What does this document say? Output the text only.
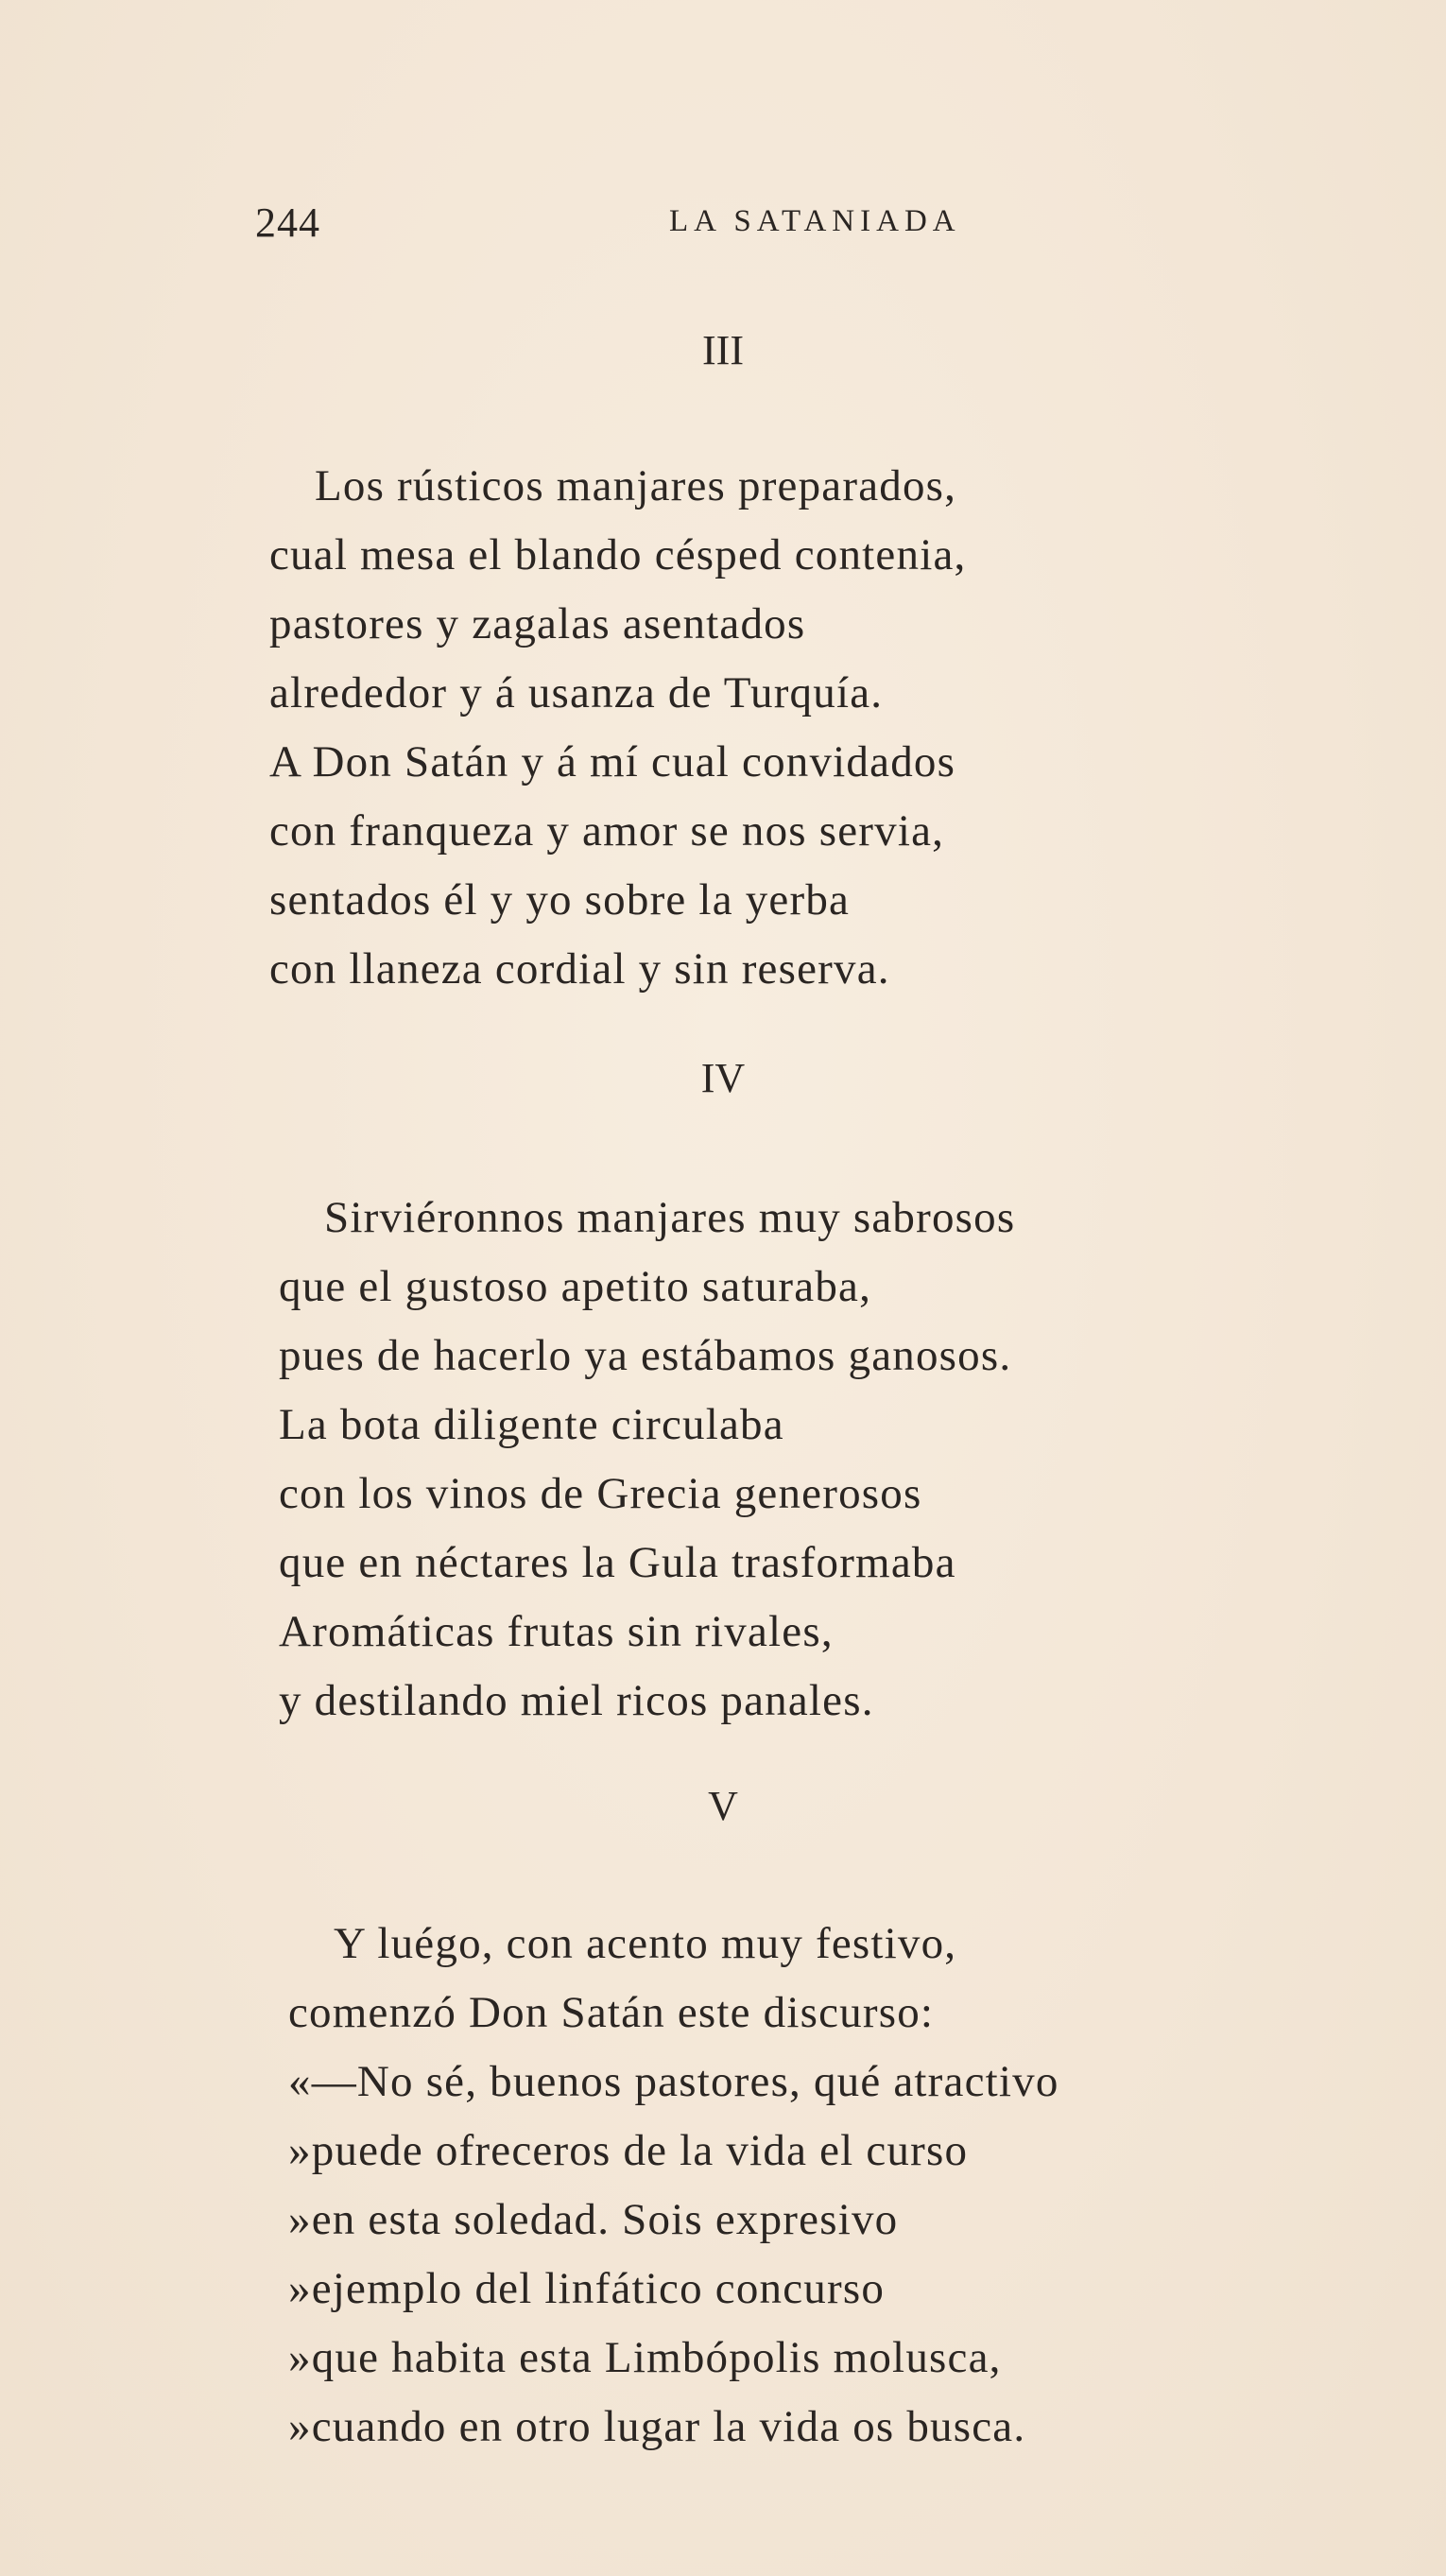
244	LA SATANIADA
III
Los rústicos manjares preparados,
cual mesa el blando césped contenia,
pastores y zagalas asentados
alrededor y á usanza de Turquía.
A Don Satán y á mí cual convidados
con franqueza y amor se nos servia,
sentados él y yo sobre la yerba
con llaneza cordial y sin reserva.
IV
Sirviéronnos manjares muy sabrosos
que el gustoso apetito saturaba,
pues de hacerlo ya estábamos ganosos.
La bota diligente circulaba
con los vinos de Grecia generosos
que en néctares la Gula trasformaba
Aromáticas frutas sin rivales,
y destilando miel ricos panales.
V
Y luégo, con acento muy festivo,
comenzó Don Satán este discurso:
«—No sé, buenos pastores, qué atractivo
»puede ofreceros de la vida el curso
»en esta soledad. Sois expresivo
»ejemplo del linfático concurso
»que habita esta Limbópolis molusca,
»cuando en otro lugar la vida os busca.
